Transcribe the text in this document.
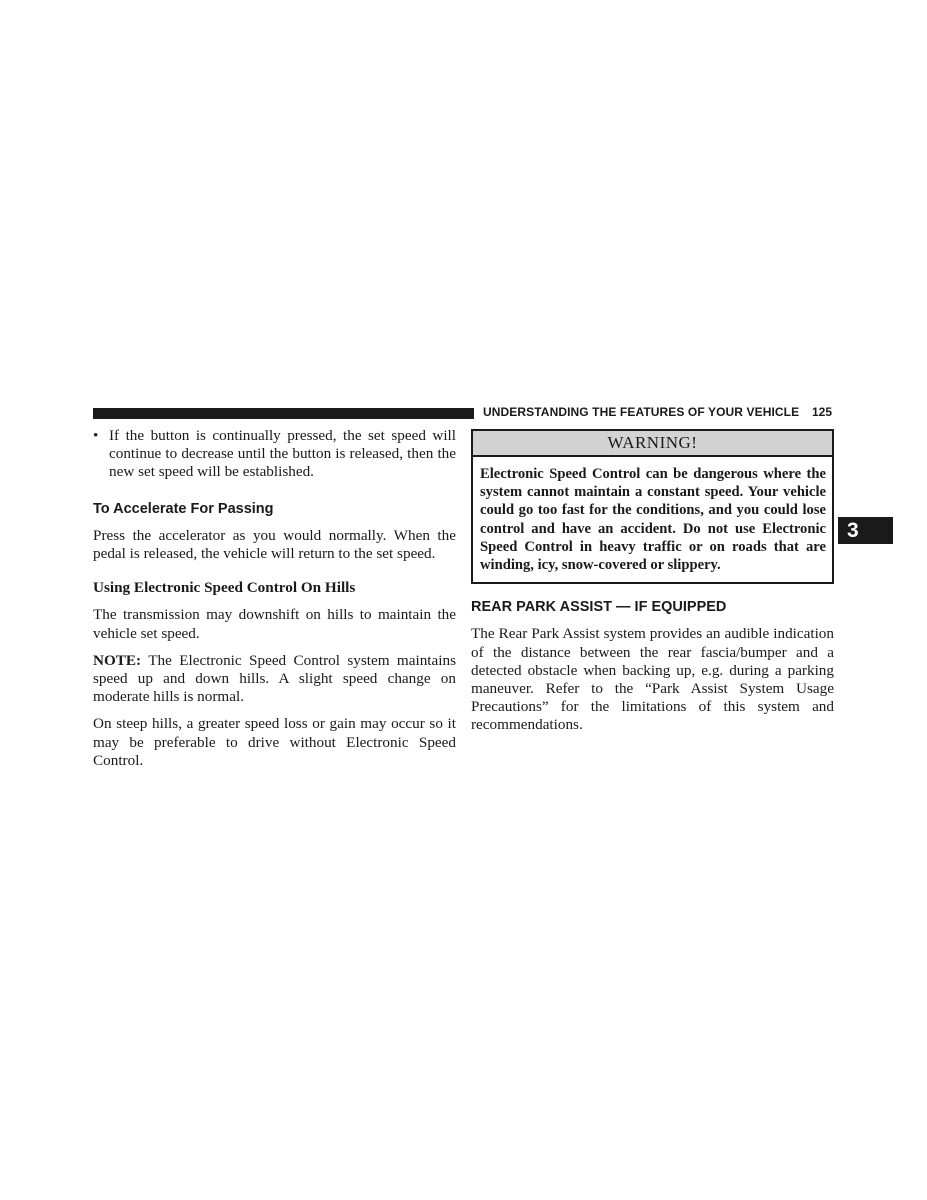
UNDERSTANDING THE FEATURES OF YOUR VEHICLE	125
3
• If the button is continually pressed, the set speed will continue to decrease until the button is released, then the new set speed will be established.
To Accelerate For Passing

Press the accelerator as you would normally. When the pedal is released, the vehicle will return to the set speed.

Using Electronic Speed Control On Hills

The transmission may downshift on hills to maintain the vehicle set speed.

NOTE: The Electronic Speed Control system maintains speed up and down hills. A slight speed change on moderate hills is normal.

On steep hills, a greater speed loss or gain may occur so it may be preferable to drive without Electronic Speed Control.

WARNING!
Electronic Speed Control can be dangerous where the system cannot maintain a constant speed. Your vehicle could go too fast for the conditions, and you could lose control and have an accident. Do not use Electronic Speed Control in heavy traffic or on roads that are winding, icy, snow-covered or slippery.
REAR PARK ASSIST — IF EQUIPPED

The Rear Park Assist system provides an audible indication of the distance between the rear fascia/bumper and a detected obstacle when backing up, e.g. during a parking maneuver. Refer to the “Park Assist System Usage Precautions” for the limitations of this system and recommendations.
